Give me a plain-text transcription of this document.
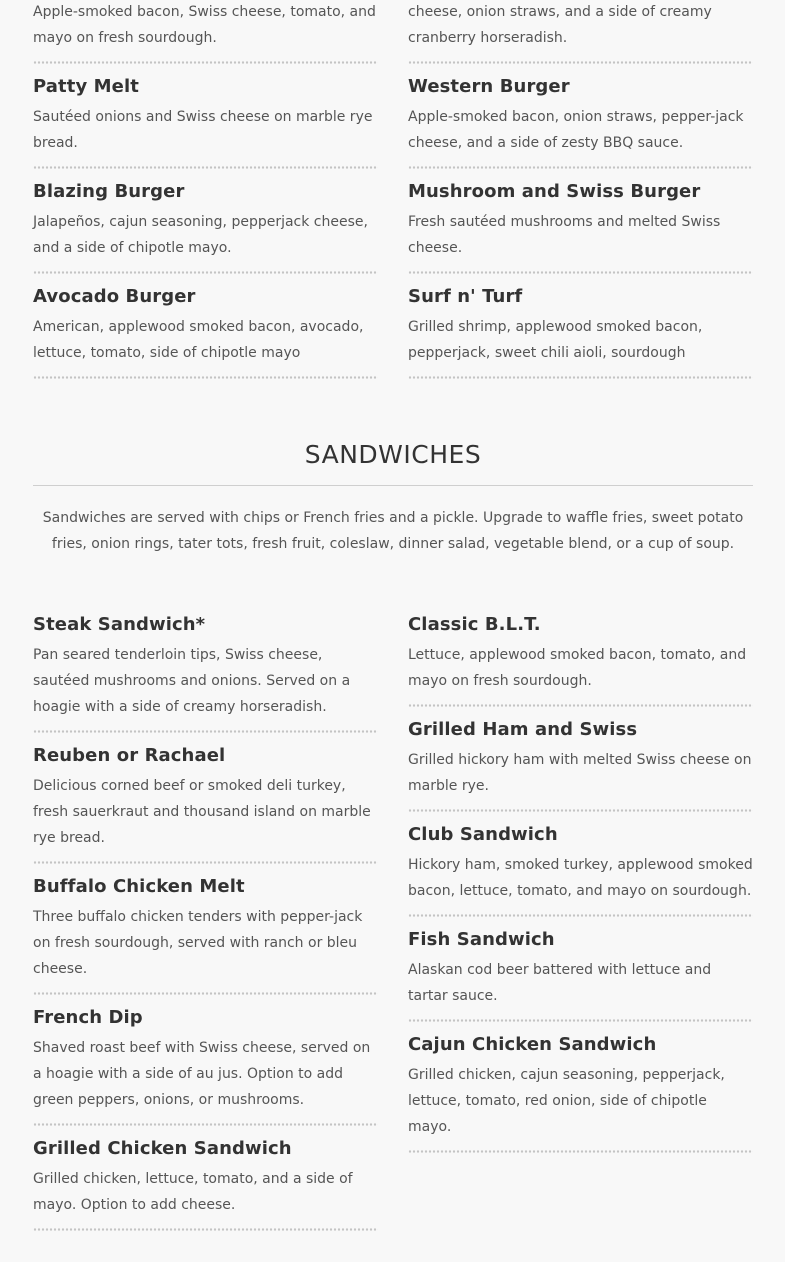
Apple-smoked bacon, Swiss cheese, tomato, and mayo on fresh sourdough.

Patty Melt

Sautéed onions and Swiss cheese on marble rye bread.

Blazing Burger

Jalapeños, cajun seasoning, pepperjack cheese, and a side of chipotle mayo.

Avocado Burger

American, applewood smoked bacon, avocado, lettuce, tomato, side of chipotle mayo

cheese, onion straws, and a side of creamy cranberry horseradish.

Western Burger

Apple-smoked bacon, onion straws, pepper-jack cheese, and a side of zesty BBQ sauce.

Mushroom and Swiss Burger

Fresh sautéed mushrooms and melted Swiss cheese.

Surf n' Turf

Grilled shrimp, applewood smoked bacon, pepperjack, sweet chili aioli, sourdough

SANDWICHES
Sandwiches are served with chips or French fries and a pickle. Upgrade to waffle fries, sweet potato fries, onion rings, tater tots, fresh fruit, coleslaw, dinner salad, vegetable blend, or a cup of soup.
Steak Sandwich*

Pan seared tenderloin tips, Swiss cheese, sautéed mushrooms and onions. Served on a hoagie with a side of creamy horseradish.

Reuben or Rachael

Delicious corned beef or smoked deli turkey, fresh sauerkraut and thousand island on marble rye bread.

Buffalo Chicken Melt

Three buffalo chicken tenders with pepper-jack on fresh sourdough, served with ranch or bleu cheese.

French Dip

Shaved roast beef with Swiss cheese, served on a hoagie with a side of au jus. Option to add green peppers, onions, or mushrooms.

Grilled Chicken Sandwich

Grilled chicken, lettuce, tomato, and a side of mayo. Option to add cheese.

Classic B.L.T.

Lettuce, applewood smoked bacon, tomato, and mayo on fresh sourdough.

Grilled Ham and Swiss

Grilled hickory ham with melted Swiss cheese on marble rye.

Club Sandwich

Hickory ham, smoked turkey, applewood smoked bacon, lettuce, tomato, and mayo on sourdough.

Fish Sandwich

Alaskan cod beer battered with lettuce and tartar sauce.

Cajun Chicken Sandwich

Grilled chicken, cajun seasoning, pepperjack, lettuce, tomato, red onion, side of chipotle mayo.
